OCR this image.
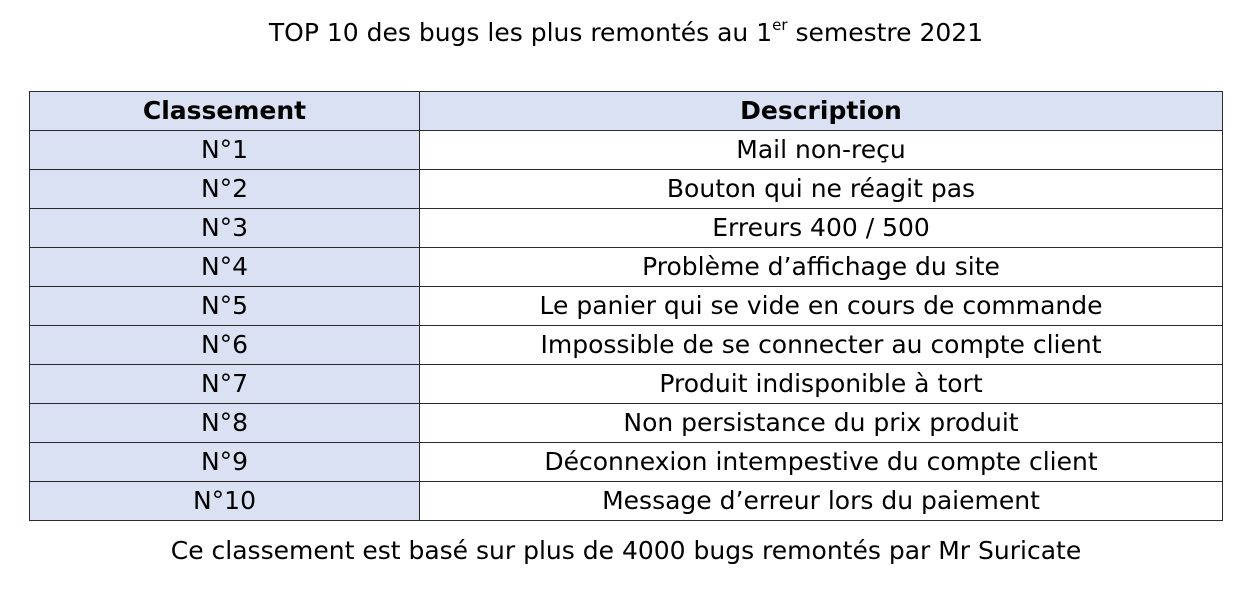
TOP 10 des bugs les plus remontés au 1er semestre 2021
Classement	Description
N°1	Mail non-reçu
N°2	Bouton qui ne réagit pas
N°3	Erreurs 400 / 500
N°4	Problème d’affichage du site
N°5	Le panier qui se vide en cours de commande
N°6	Impossible de se connecter au compte client
N°7	Produit indisponible à tort
N°8	Non persistance du prix produit
N°9	Déconnexion intempestive du compte client
N°10	Message d’erreur lors du paiement
Ce classement est basé sur plus de 4000 bugs remontés par Mr Suricate
